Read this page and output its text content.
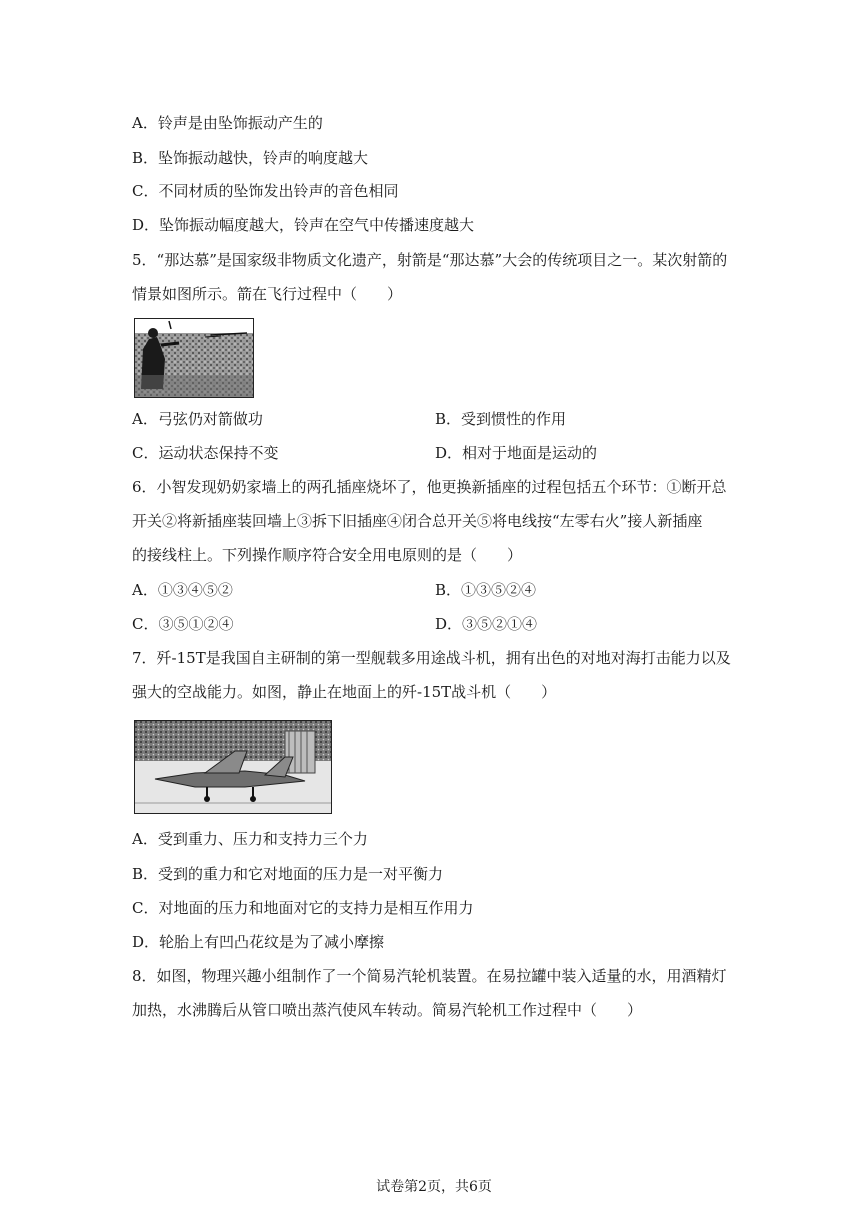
A．铃声是由坠饰振动产生的
B．坠饰振动越快，铃声的响度越大
C．不同材质的坠饰发出铃声的音色相同
D．坠饰振动幅度越大，铃声在空气中传播速度越大
5．“那达慕”是国家级非物质文化遗产，射箭是“那达慕”大会的传统项目之一。某次射箭的
情景如图所示。箭在飞行过程中（　　）
A．弓弦仍对箭做功	B．受到惯性的作用
C．运动状态保持不变	D．相对于地面是运动的
6．小智发现奶奶家墙上的两孔插座烧坏了，他更换新插座的过程包括五个环节：①断开总
开关②将新插座装回墙上③拆下旧插座④闭合总开关⑤将电线按“左零右火”接人新插座
的接线柱上。下列操作顺序符合安全用电原则的是（　　）
A．①③④⑤②	B．①③⑤②④
C．③⑤①②④	D．③⑤②①④
7．歼-15T是我国自主研制的第一型舰载多用途战斗机，拥有出色的对地对海打击能力以及
强大的空战能力。如图，静止在地面上的歼-15T战斗机（　　）
A．受到重力、压力和支持力三个力
B．受到的重力和它对地面的压力是一对平衡力
C．对地面的压力和地面对它的支持力是相互作用力
D．轮胎上有凹凸花纹是为了减小摩擦
8．如图，物理兴趣小组制作了一个简易汽轮机装置。在易拉罐中装入适量的水，用酒精灯
加热，水沸腾后从管口喷出蒸汽使风车转动。简易汽轮机工作过程中（　　）
试卷第2页，共6页
